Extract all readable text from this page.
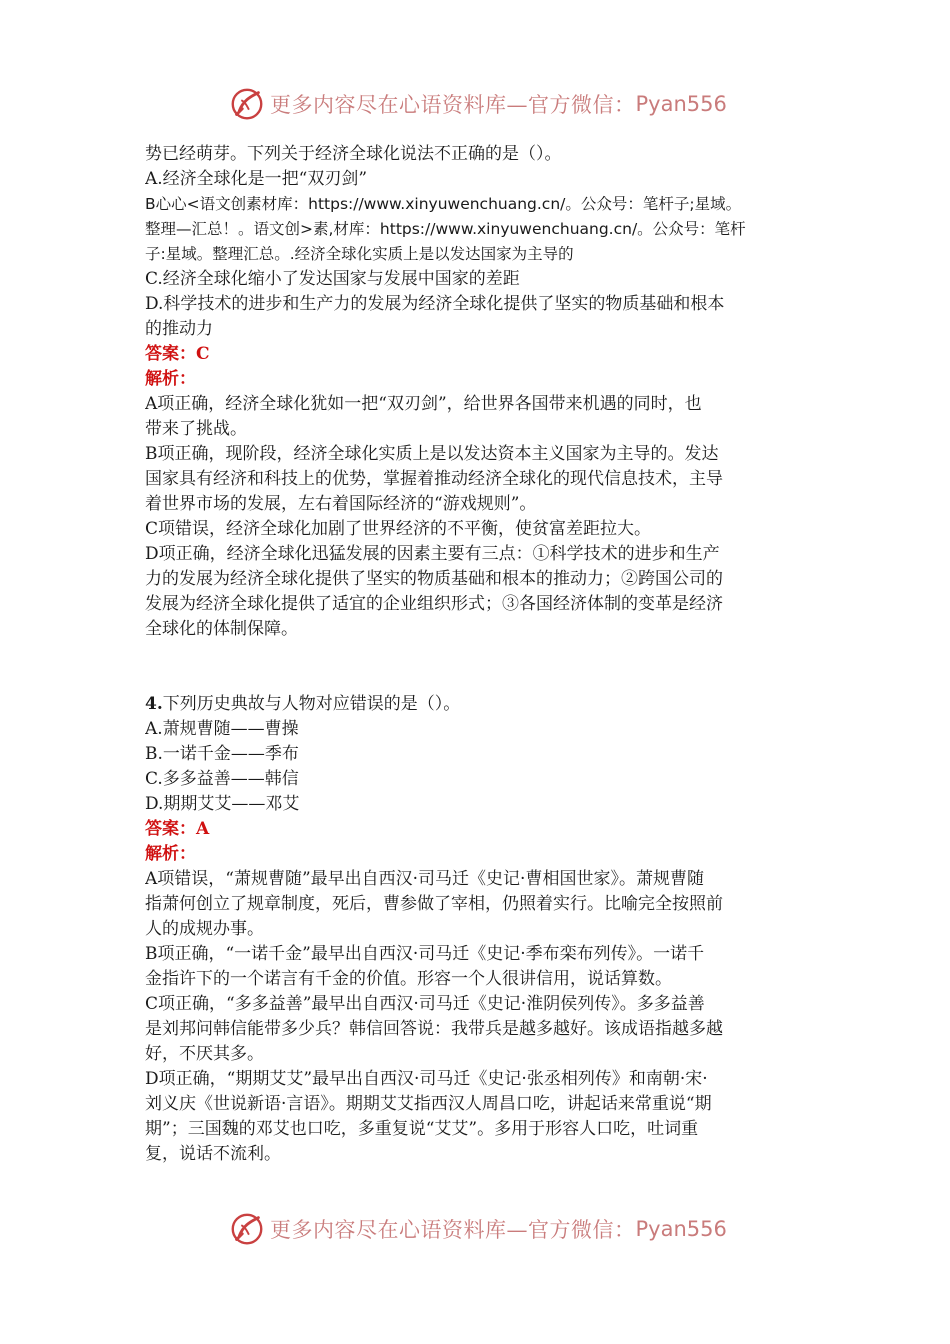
更多内容尽在心语资料库—官方微信： Pyan556
势已经萌芽。下列关于经济全球化说法不正确的是（）。
A.经济全球化是一把“双刃剑”
B心心<语文创素材库：https://www.xinyuwenchuang.cn/。公众号：笔杆子;星域。
整理—汇总！。语文创>素,材库：https://www.xinyuwenchuang.cn/。公众号：笔杆
子:星域。整理汇总。.经济全球化实质上是以发达国家为主导的
C.经济全球化缩小了发达国家与发展中国家的差距
D.科学技术的进步和生产力的发展为经济全球化提供了坚实的物质基础和根本
的推动力
答案：C
解析：
A项正确，经济全球化犹如一把“双刃剑”，给世界各国带来机遇的同时，也
带来了挑战。
B项正确，现阶段，经济全球化实质上是以发达资本主义国家为主导的。发达
国家具有经济和科技上的优势，掌握着推动经济全球化的现代信息技术，主导
着世界市场的发展，左右着国际经济的“游戏规则”。
C项错误，经济全球化加剧了世界经济的不平衡，使贫富差距拉大。
D项正确，经济全球化迅猛发展的因素主要有三点：①科学技术的进步和生产
力的发展为经济全球化提供了坚实的物质基础和根本的推动力；②跨国公司的
发展为经济全球化提供了适宜的企业组织形式；③各国经济体制的变革是经济
全球化的体制保障。
4.下列历史典故与人物对应错误的是（）。
A.萧规曹随——曹操
B.一诺千金——季布
C.多多益善——韩信
D.期期艾艾——邓艾
答案：A
解析：
A项错误，“萧规曹随”最早出自西汉·司马迁《史记·曹相国世家》。萧规曹随
指萧何创立了规章制度，死后，曹参做了宰相，仍照着实行。比喻完全按照前
人的成规办事。
B项正确，“一诺千金”最早出自西汉·司马迁《史记·季布栾布列传》。一诺千
金指许下的一个诺言有千金的价值。形容一个人很讲信用，说话算数。
C项正确，“多多益善”最早出自西汉·司马迁《史记·淮阴侯列传》。多多益善
是刘邦问韩信能带多少兵？韩信回答说：我带兵是越多越好。该成语指越多越
好，不厌其多。
D项正确，“期期艾艾”最早出自西汉·司马迁《史记·张丞相列传》和南朝·宋·
刘义庆《世说新语·言语》。期期艾艾指西汉人周昌口吃，讲起话来常重说“期
期”；三国魏的邓艾也口吃，多重复说“艾艾”。多用于形容人口吃，吐词重
复，说话不流利。
更多内容尽在心语资料库—官方微信： Pyan556
